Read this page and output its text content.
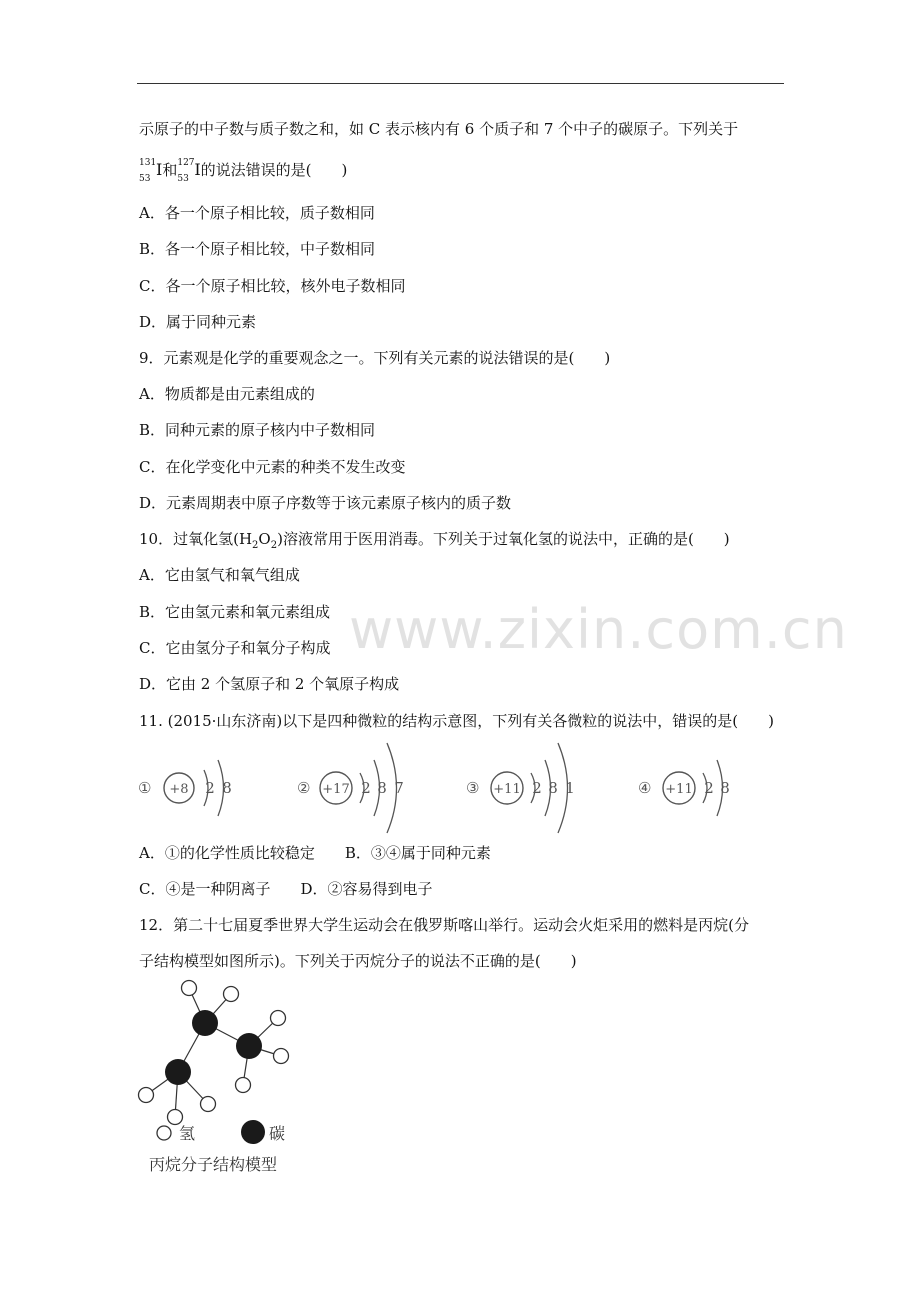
示原子的中子数与质子数之和，如 C 表示核内有 6 个质子和 7 个中子的碳原子。下列关于
131
53 I和 127
53 I的说法错误的是(　　)
A．各一个原子相比较，质子数相同
B．各一个原子相比较，中子数相同
C．各一个原子相比较，核外电子数相同
D．属于同种元素
9．元素观是化学的重要观念之一。下列有关元素的说法错误的是(　　)
A．物质都是由元素组成的
B．同种元素的原子核内中子数相同
C．在化学变化中元素的种类不发生改变
D．元素周期表中原子序数等于该元素原子核内的质子数
10．过氧化氢$(H_2O_2)$溶液常用于医用消毒。下列关于过氧化氢的说法中，正确的是(　　)
A．它由氢气和氧气组成
B．它由氢元素和氧元素组成
C．它由氢分子和氧分子构成
D．它由 2 个氢原子和 2 个氧原子构成
11. (2015·山东济南)以下是四种微粒的结构示意图，下列有关各微粒的说法中，错误的是(　　)
① +8 2 8	② +17 2 8 7	③ +11 2 8 1	④ +11 2 8
A．①的化学性质比较稳定　　B．③④属于同种元素
C．④是一种阴离子　　D．②容易得到电子
12．第二十七届夏季世界大学生运动会在俄罗斯喀山举行。运动会火炬采用的燃料是丙烷(分
子结构模型如图所示)。下列关于丙烷分子的说法不正确的是(　　)
氢	碳
丙烷分子结构模型
www.zixin.com.cn
